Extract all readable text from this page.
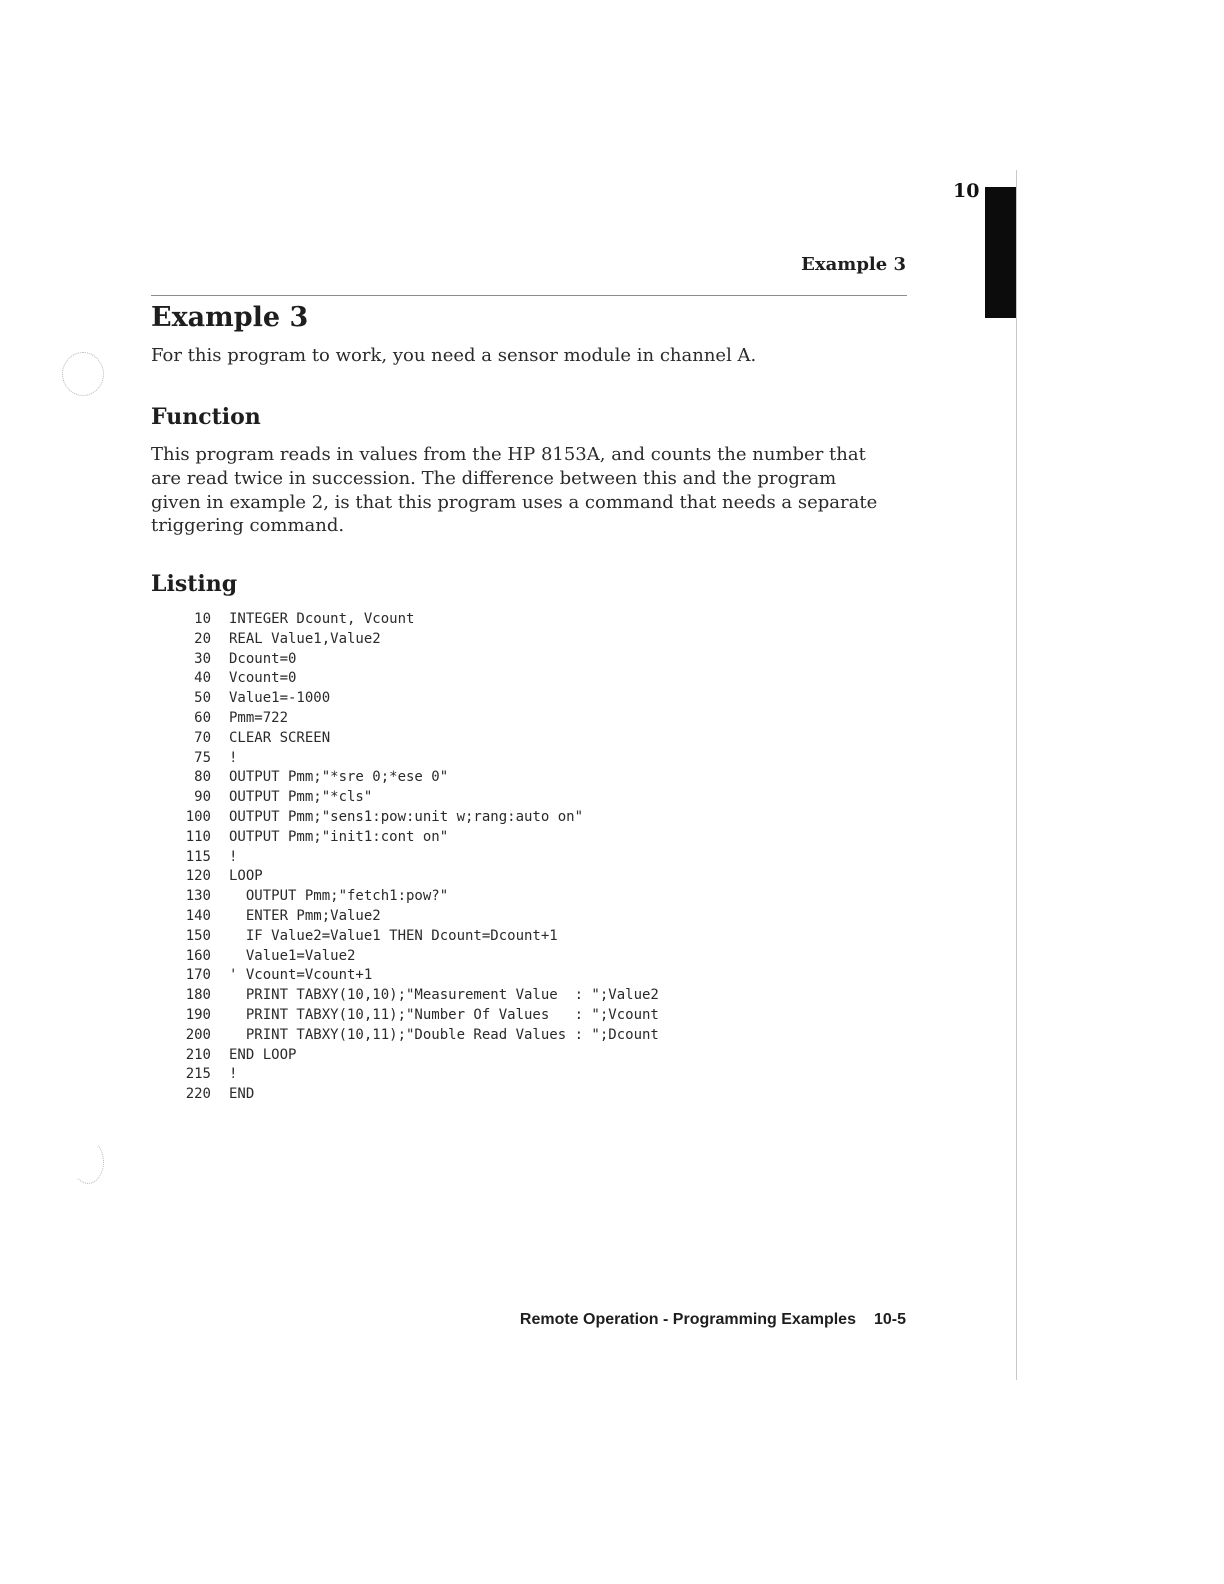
10
Example 3
Example 3

For this program to work, you need a sensor module in channel A.

Function

This program reads in values from the HP 8153A, and counts the number that
are read twice in succession. The difference between this and the program
given in example 2, is that this program uses a command that needs a separate
triggering command.

Listing
10 INTEGER Dcount, Vcount
20 REAL Value1,Value2
30 Dcount=0
40 Vcount=0
50 Value1=-1000
60 Pmm=722
70 CLEAR SCREEN
75 !
80 OUTPUT Pmm;"*sre 0;*ese 0"
90 OUTPUT Pmm;"*cls"
100 OUTPUT Pmm;"sens1:pow:unit w;rang:auto on"
110 OUTPUT Pmm;"init1:cont on"
115 !
120 LOOP
130 OUTPUT Pmm;"fetch1:pow?"
140 ENTER Pmm;Value2
150 IF Value2=Value1 THEN Dcount=Dcount+1
160 Value1=Value2
170 ' Vcount=Vcount+1
180 PRINT TABXY(10,10);"Measurement Value  : ";Value2
190 PRINT TABXY(10,11);"Number Of Values   : ";Vcount
200 PRINT TABXY(10,11);"Double Read Values : ";Dcount
210 END LOOP
215 !
220 END
Remote Operation - Programming Examples 10-5
